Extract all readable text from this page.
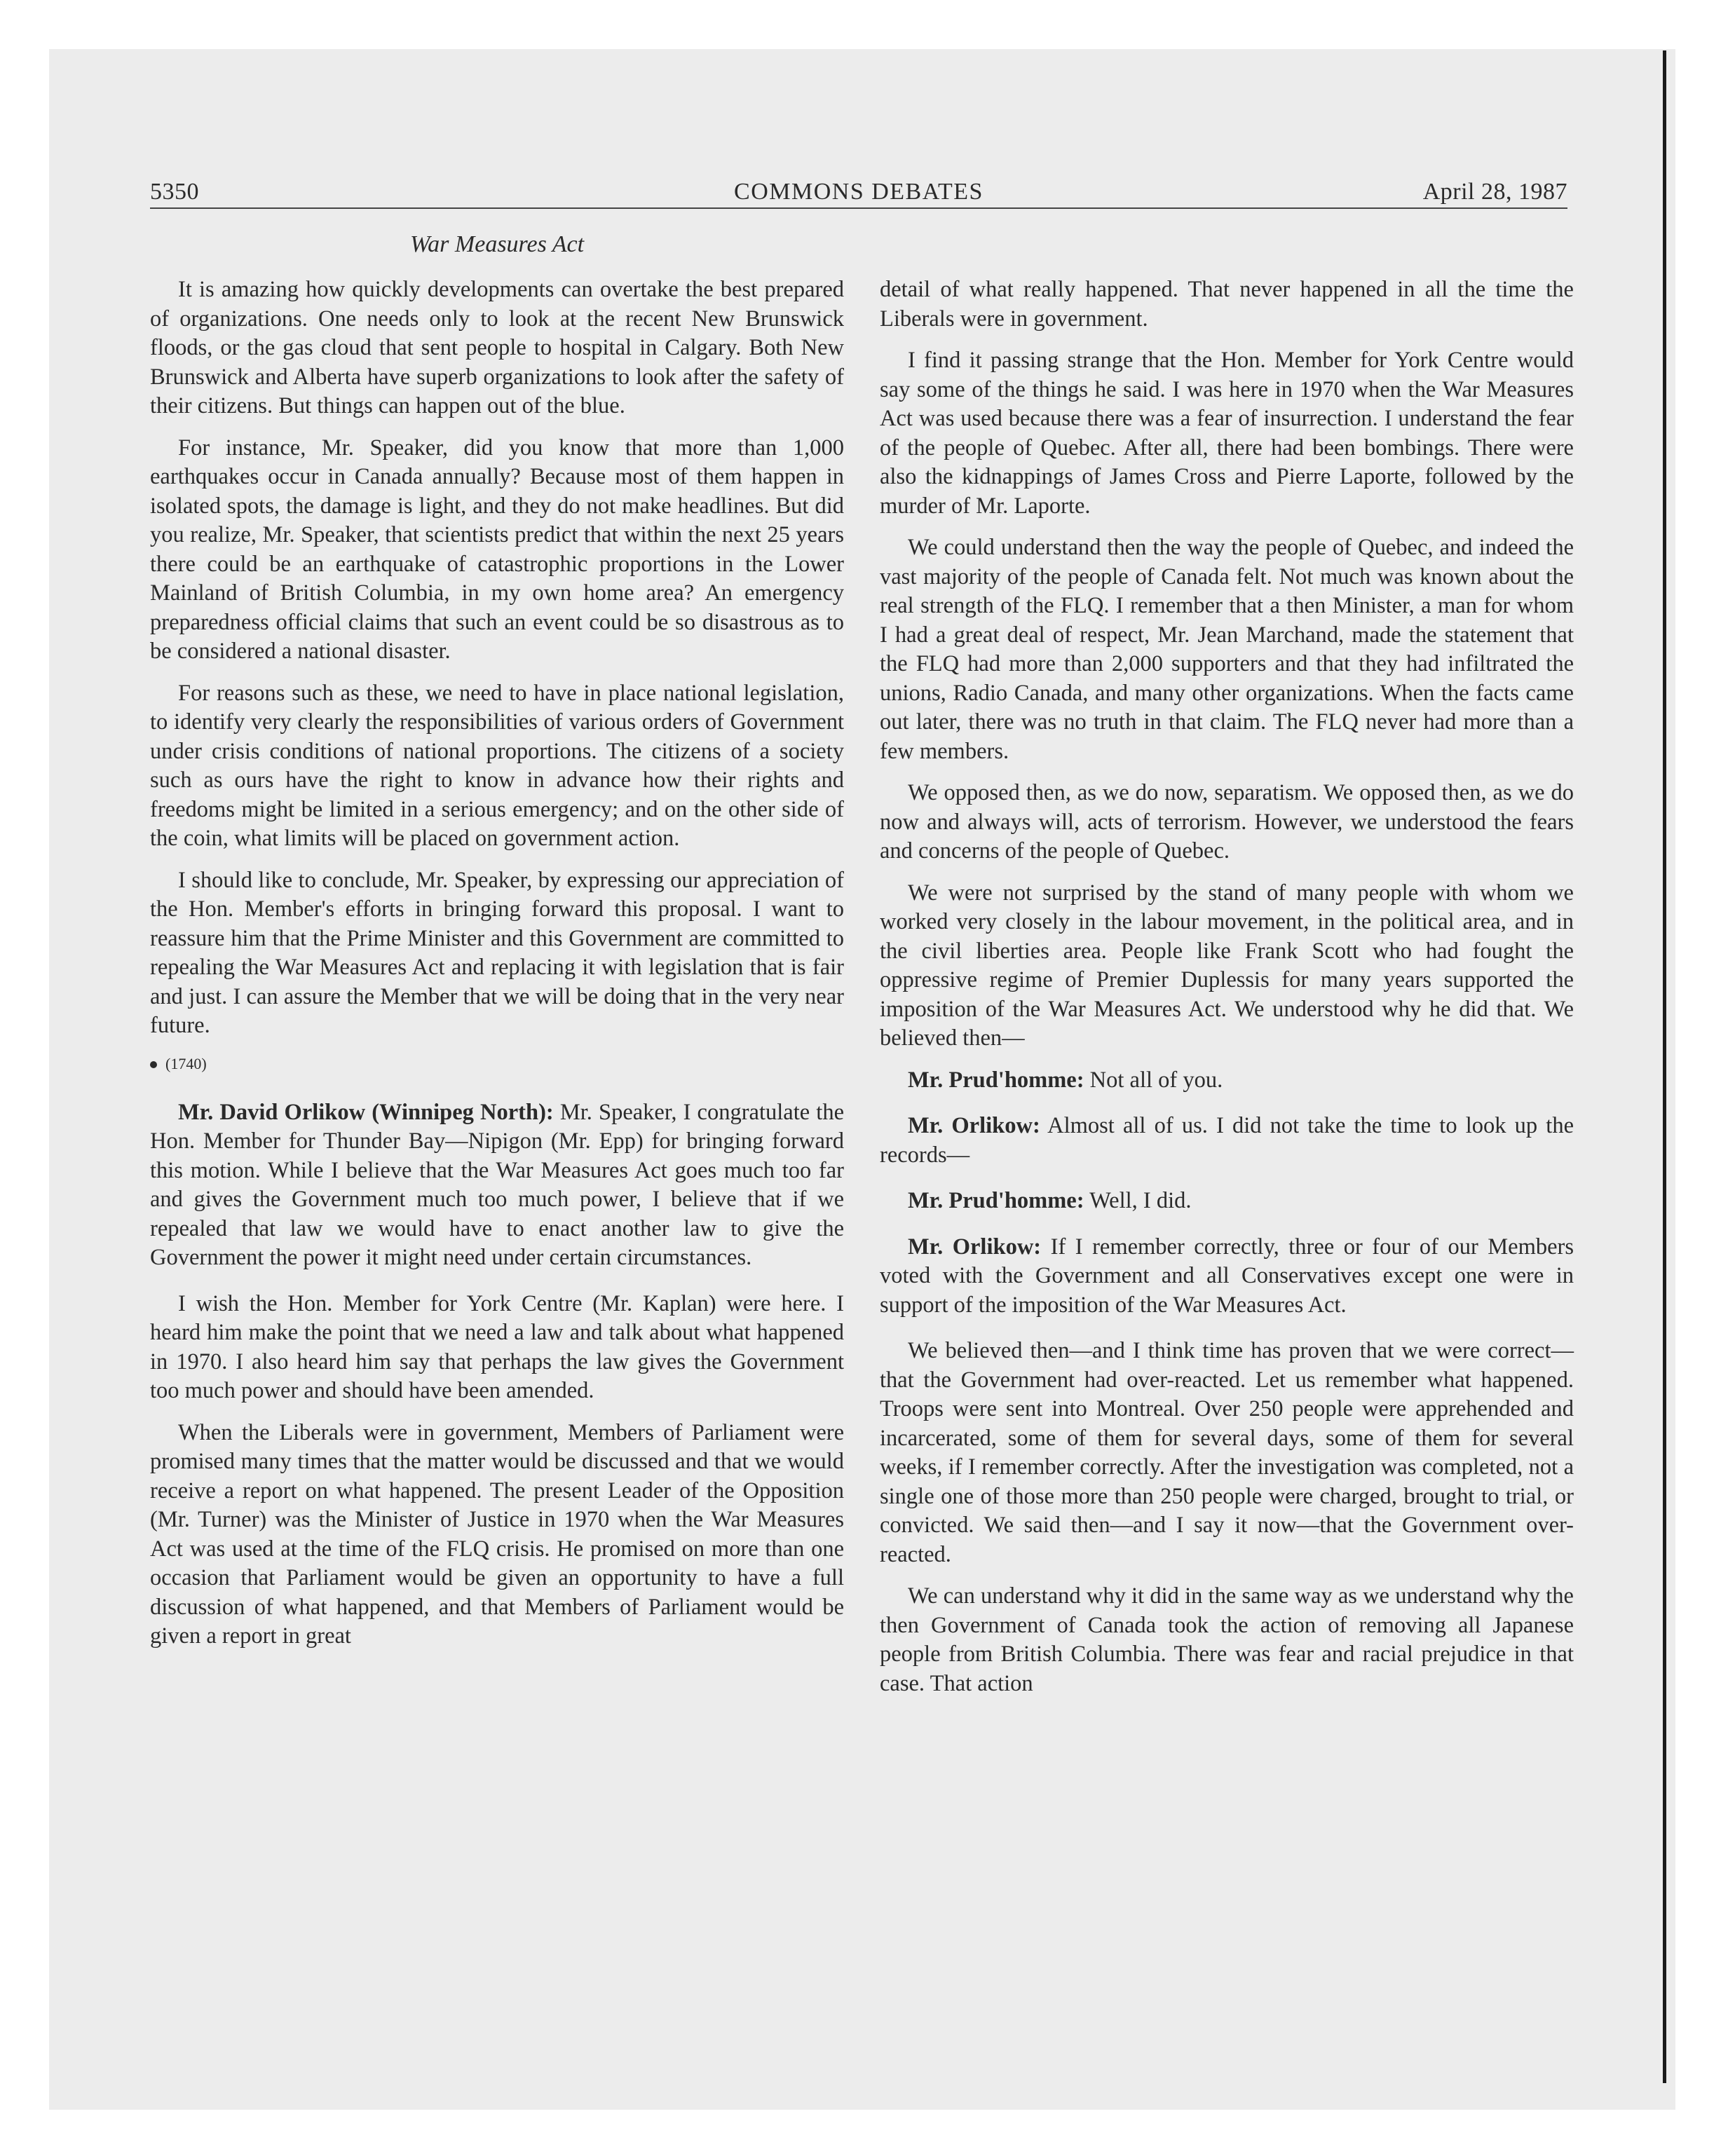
5350	COMMONS DEBATES	April 28, 1987
War Measures Act

It is amazing how quickly developments can overtake the best prepared of organizations. One needs only to look at the recent New Brunswick floods, or the gas cloud that sent people to hospital in Calgary. Both New Brunswick and Alberta have superb organizations to look after the safety of their citizens. But things can happen out of the blue.

For instance, Mr. Speaker, did you know that more than 1,000 earthquakes occur in Canada annually? Because most of them happen in isolated spots, the damage is light, and they do not make headlines. But did you realize, Mr. Speaker, that scientists predict that within the next 25 years there could be an earthquake of catastrophic proportions in the Lower Mainland of British Columbia, in my own home area? An emergency preparedness official claims that such an event could be so disastrous as to be considered a national disaster.

For reasons such as these, we need to have in place national legislation, to identify very clearly the responsibilities of various orders of Government under crisis conditions of national proportions. The citizens of a society such as ours have the right to know in advance how their rights and freedoms might be limited in a serious emergency; and on the other side of the coin, what limits will be placed on government action.

I should like to conclude, Mr. Speaker, by expressing our appreciation of the Hon. Member's efforts in bringing forward this proposal. I want to reassure him that the Prime Minister and this Government are committed to repealing the War Measures Act and replacing it with legislation that is fair and just. I can assure the Member that we will be doing that in the very near future.

(1740)

Mr. David Orlikow (Winnipeg North): Mr. Speaker, I congratulate the Hon. Member for Thunder Bay—Nipigon (Mr. Epp) for bringing forward this motion. While I believe that the War Measures Act goes much too far and gives the Government much too much power, I believe that if we repealed that law we would have to enact another law to give the Government the power it might need under certain circumstances.

I wish the Hon. Member for York Centre (Mr. Kaplan) were here. I heard him make the point that we need a law and talk about what happened in 1970. I also heard him say that perhaps the law gives the Government too much power and should have been amended.

When the Liberals were in government, Members of Parliament were promised many times that the matter would be discussed and that we would receive a report on what happened. The present Leader of the Opposition (Mr. Turner) was the Minister of Justice in 1970 when the War Measures Act was used at the time of the FLQ crisis. He promised on more than one occasion that Parliament would be given an opportunity to have a full discussion of what happened, and that Members of Parliament would be given a report in great

detail of what really happened. That never happened in all the time the Liberals were in government.

I find it passing strange that the Hon. Member for York Centre would say some of the things he said. I was here in 1970 when the War Measures Act was used because there was a fear of insurrection. I understand the fear of the people of Quebec. After all, there had been bombings. There were also the kidnappings of James Cross and Pierre Laporte, followed by the murder of Mr. Laporte.

We could understand then the way the people of Quebec, and indeed the vast majority of the people of Canada felt. Not much was known about the real strength of the FLQ. I remember that a then Minister, a man for whom I had a great deal of respect, Mr. Jean Marchand, made the statement that the FLQ had more than 2,000 supporters and that they had infiltrated the unions, Radio Canada, and many other organizations. When the facts came out later, there was no truth in that claim. The FLQ never had more than a few members.

We opposed then, as we do now, separatism. We opposed then, as we do now and always will, acts of terrorism. However, we understood the fears and concerns of the people of Quebec.

We were not surprised by the stand of many people with whom we worked very closely in the labour movement, in the political area, and in the civil liberties area. People like Frank Scott who had fought the oppressive regime of Premier Duplessis for many years supported the imposition of the War Measures Act. We understood why he did that. We believed then—

Mr. Prud'homme: Not all of you.

Mr. Orlikow: Almost all of us. I did not take the time to look up the records—

Mr. Prud'homme: Well, I did.

Mr. Orlikow: If I remember correctly, three or four of our Members voted with the Government and all Conservatives except one were in support of the imposition of the War Measures Act.

We believed then—and I think time has proven that we were correct—that the Government had over-reacted. Let us remember what happened. Troops were sent into Montreal. Over 250 people were apprehended and incarcerated, some of them for several days, some of them for several weeks, if I remember correctly. After the investigation was completed, not a single one of those more than 250 people were charged, brought to trial, or convicted. We said then—and I say it now—that the Government over-reacted.

We can understand why it did in the same way as we understand why the then Government of Canada took the action of removing all Japanese people from British Columbia. There was fear and racial prejudice in that case. That action
